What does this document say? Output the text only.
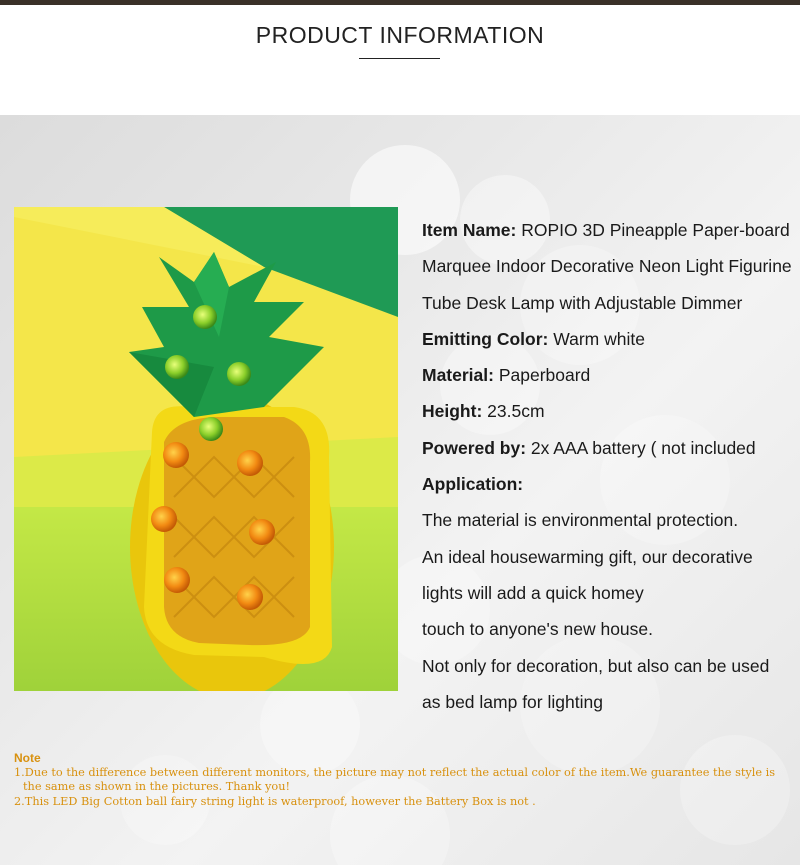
PRODUCT INFORMATION
Item Name: ROPIO 3D Pineapple Paper-board Marquee Indoor Decorative Neon Light Figurine Tube Desk Lamp with Adjustable Dimmer
Emitting Color: Warm white
Material: Paperboard
Height: 23.5cm
Powered by: 2x AAA battery ( not included
Application:
The material is environmental protection.
An ideal housewarming gift, our decorative lights will add a quick homey
touch to anyone's new house.
Not only for decoration, but also can be used as bed lamp for lighting
Note
1.Due to the difference between different monitors, the picture may not reflect the actual color of the item.We guarantee the style is the same as shown in the pictures. Thank you!
2.This LED Big Cotton ball fairy string light is waterproof, however the Battery Box is not .
